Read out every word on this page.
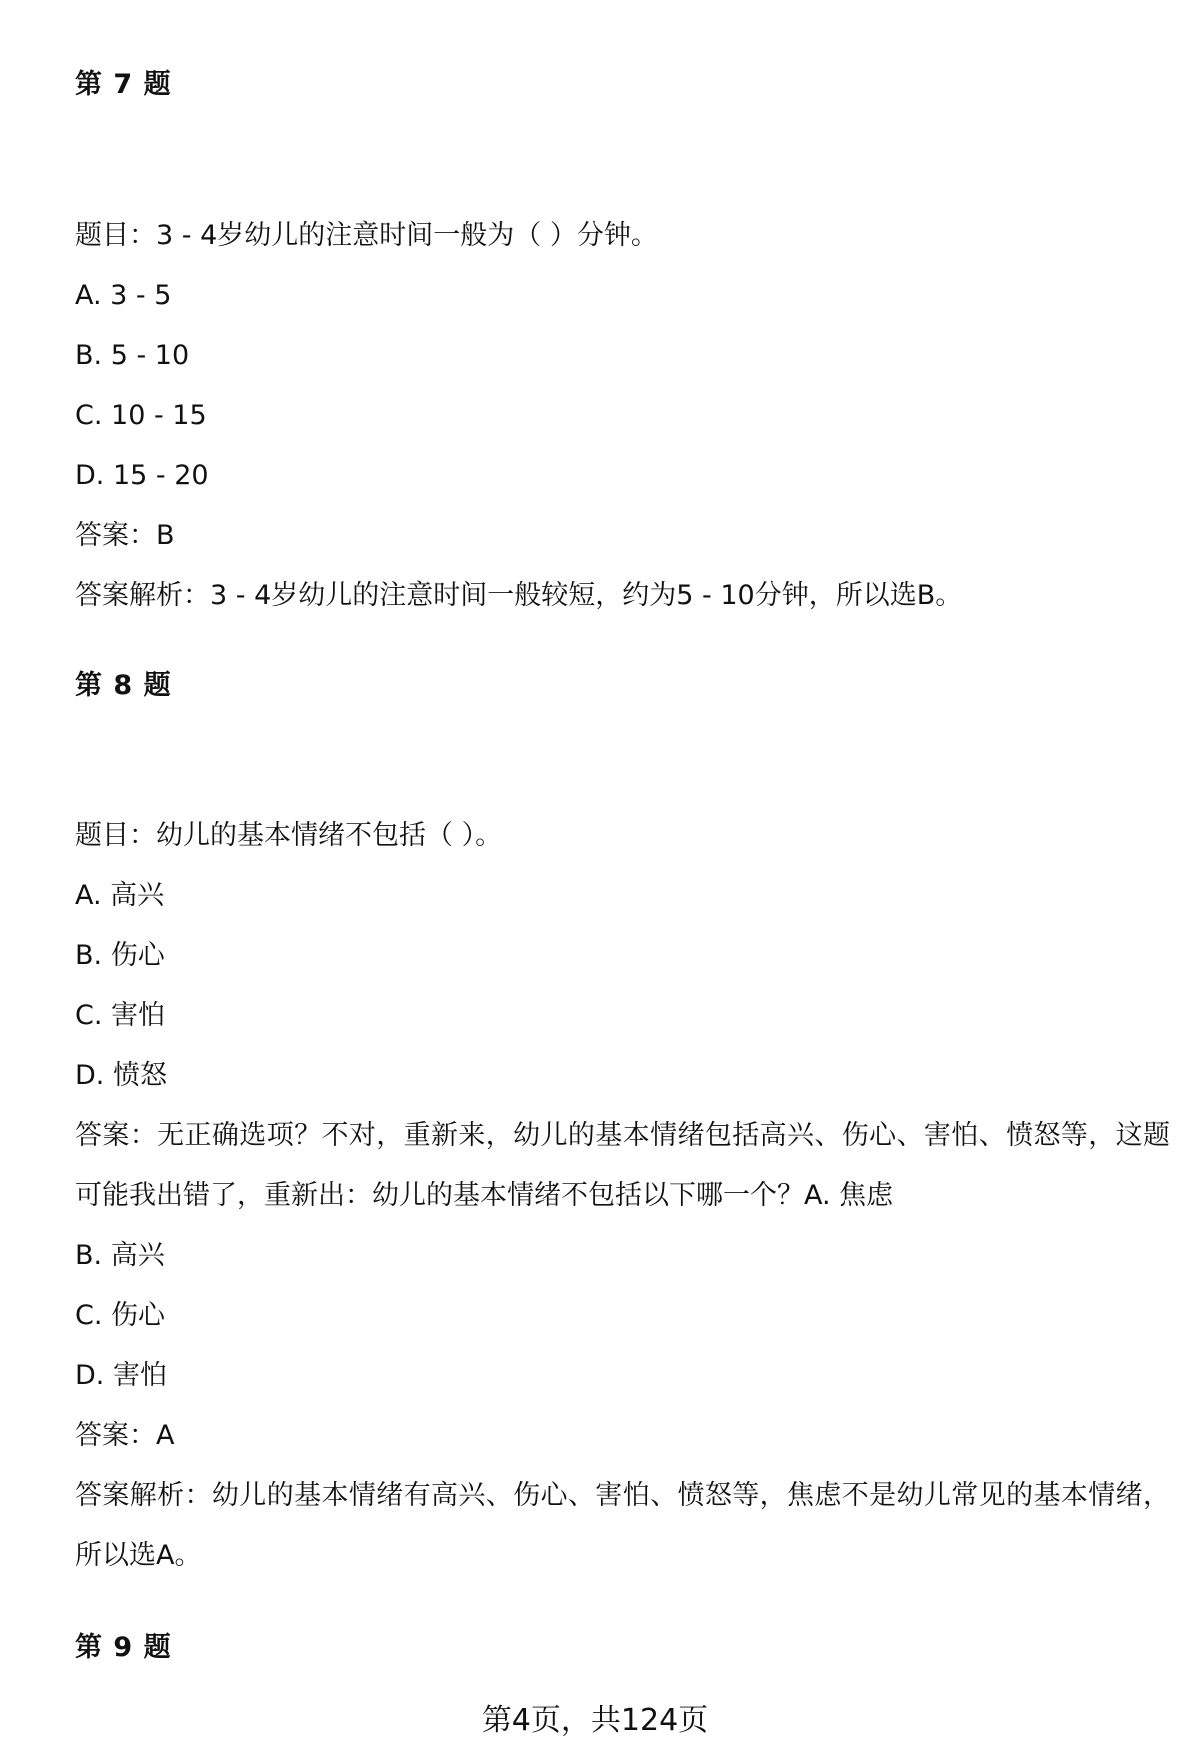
第 7 题
题目：3 - 4岁幼儿的注意时间一般为（ ）分钟。
A. 3 - 5
B. 5 - 10
C. 10 - 15
D. 15 - 20
答案：B
答案解析：3 - 4岁幼儿的注意时间一般较短，约为5 - 10分钟，所以选B。
第 8 题
题目：幼儿的基本情绪不包括（ ）。
A. 高兴
B. 伤心
C. 害怕
D. 愤怒
答案：无正确选项？不对，重新来，幼儿的基本情绪包括高兴、伤心、害怕、愤怒等，这题可能我出错了，重新出：幼儿的基本情绪不包括以下哪一个？A. 焦虑
B. 高兴
C. 伤心
D. 害怕
答案：A
答案解析：幼儿的基本情绪有高兴、伤心、害怕、愤怒等，焦虑不是幼儿常见的基本情绪，所以选A。
第 9 题
第4页，共124页
